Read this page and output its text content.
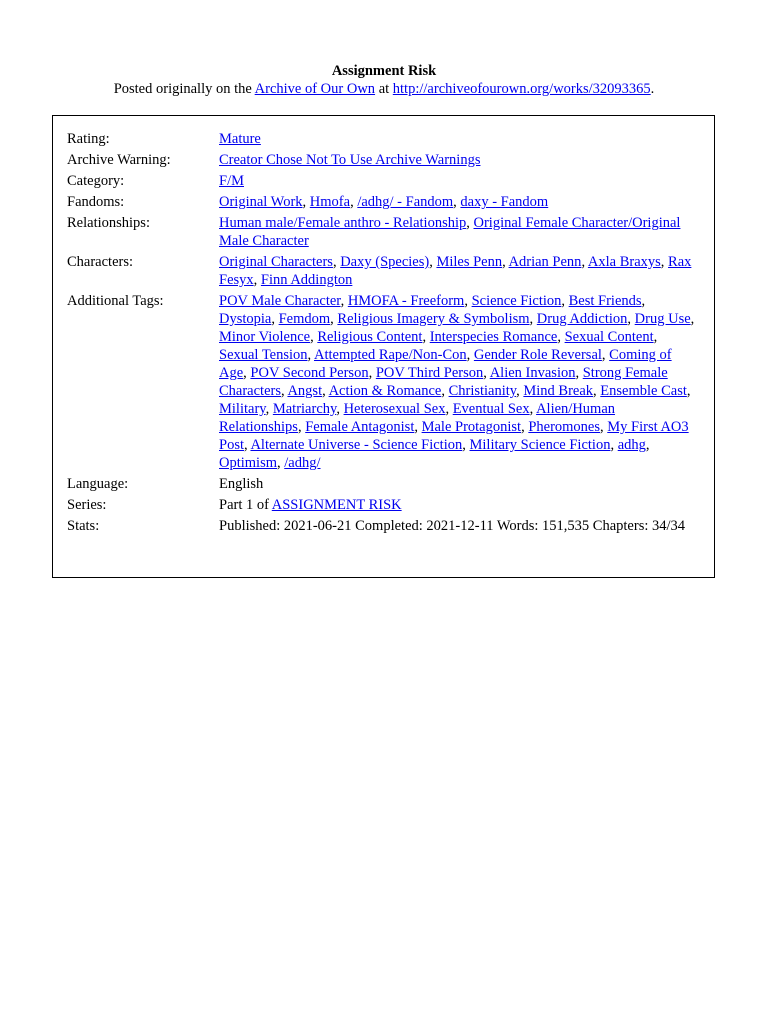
Assignment Risk

Posted originally on the Archive of Our Own at http://archiveofourown.org/works/32093365.

Rating:	Mature
Archive Warning:	Creator Chose Not To Use Archive Warnings
Category:	F/M
Fandoms:	Original Work, Hmofa, /adhg/ - Fandom, daxy - Fandom
Relationships:	Human male/Female anthro - Relationship, Original Female Character/Original Male Character
Characters:	Original Characters, Daxy (Species), Miles Penn, Adrian Penn, Axla Braxys, Rax Fesyx, Finn Addington
Additional Tags:	POV Male Character, HMOFA - Freeform, Science Fiction, Best Friends, Dystopia, Femdom, Religious Imagery & Symbolism, Drug Addiction, Drug Use, Minor Violence, Religious Content, Interspecies Romance, Sexual Content, Sexual Tension, Attempted Rape/Non-Con, Gender Role Reversal, Coming of Age, POV Second Person, POV Third Person, Alien Invasion, Strong Female Characters, Angst, Action & Romance, Christianity, Mind Break, Ensemble Cast, Military, Matriarchy, Heterosexual Sex, Eventual Sex, Alien/Human Relationships, Female Antagonist, Male Protagonist, Pheromones, My First AO3 Post, Alternate Universe - Science Fiction, Military Science Fiction, adhg, Optimism, /adhg/
Language:	English
Series:	Part 1 of ASSIGNMENT RISK
Stats:	Published: 2021-06-21 Completed: 2021-12-11 Words: 151,535 Chapters: 34/34
